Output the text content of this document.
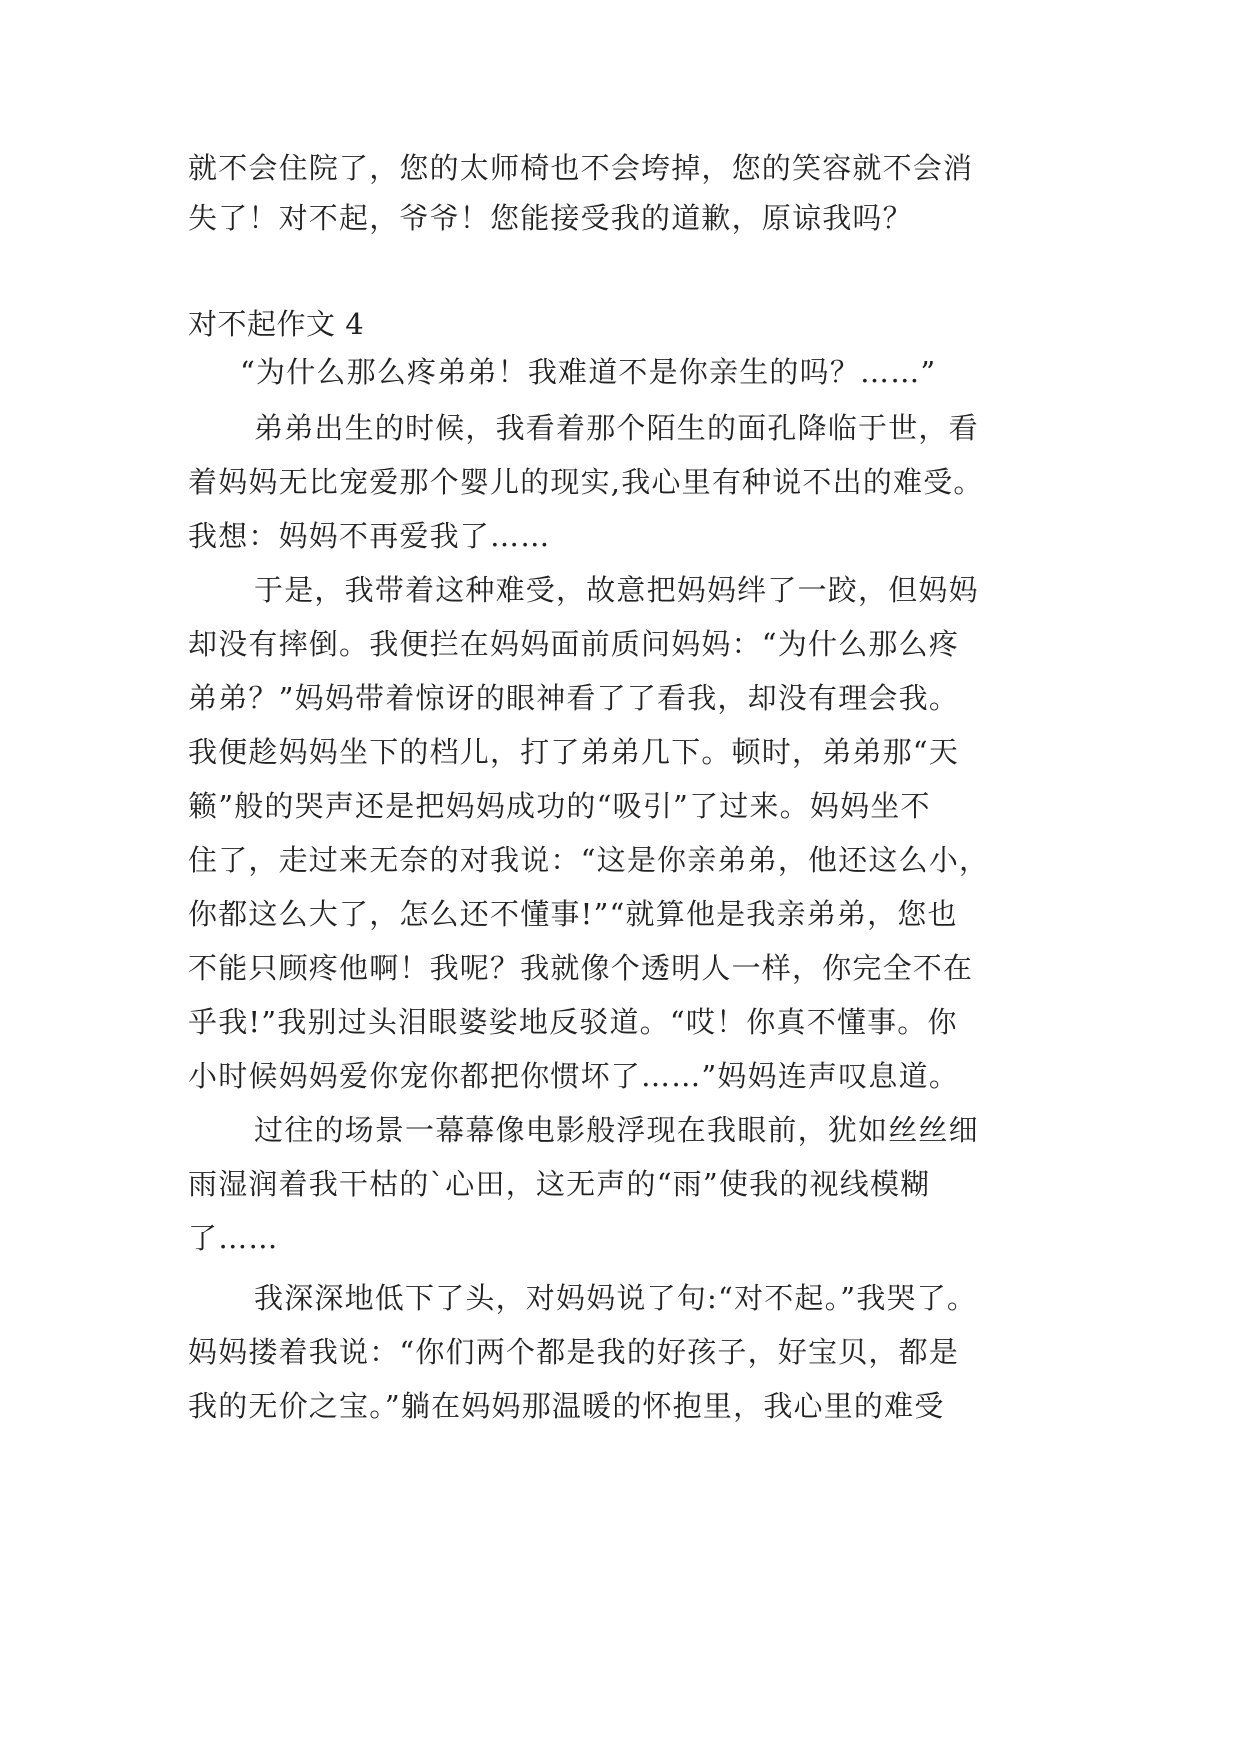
就不会住院了，您的太师椅也不会垮掉，您的笑容就不会消
失了！对不起，爷爷！您能接受我的道歉，原谅我吗？
对不起作文 4
“为什么那么疼弟弟！我难道不是你亲生的吗？……”
弟弟出生的时候，我看着那个陌生的面孔降临于世，看
着妈妈无比宠爱那个婴儿的现实,我心里有种说不出的难受。
我想：妈妈不再爱我了……
于是，我带着这种难受，故意把妈妈绊了一跤，但妈妈
却没有摔倒。我便拦在妈妈面前质问妈妈：“为什么那么疼
弟弟？”妈妈带着惊讶的眼神看了了看我，却没有理会我。
我便趁妈妈坐下的档儿，打了弟弟几下。顿时，弟弟那“天
籁”般的哭声还是把妈妈成功的“吸引”了过来。妈妈坐不
住了，走过来无奈的对我说：“这是你亲弟弟，他还这么小，
你都这么大了，怎么还不懂事!”“就算他是我亲弟弟，您也
不能只顾疼他啊！我呢？我就像个透明人一样，你完全不在
乎我!”我别过头泪眼婆娑地反驳道。“哎！你真不懂事。你
小时候妈妈爱你宠你都把你惯坏了……”妈妈连声叹息道。
过往的场景一幕幕像电影般浮现在我眼前，犹如丝丝细
雨湿润着我干枯的`心田，这无声的“雨”使我的视线模糊
了……
我深深地低下了头，对妈妈说了句:“对不起。”我哭了。
妈妈搂着我说：“你们两个都是我的好孩子，好宝贝，都是
我的无价之宝。”躺在妈妈那温暖的怀抱里，我心里的难受
